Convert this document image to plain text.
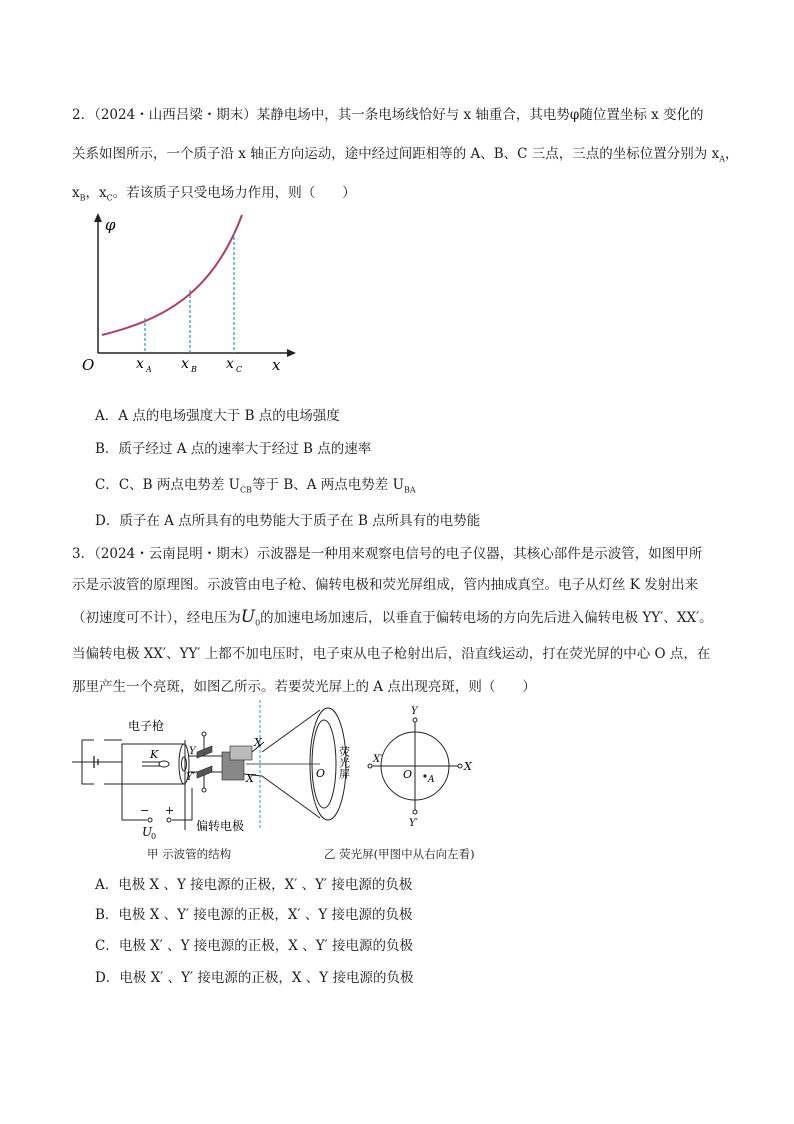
2．（2024・山西吕梁・期末）某静电场中，其一条电场线恰好与 x 轴重合，其电势φ随位置坐标 x 变化的
关系如图所示，一个质子沿 x 轴正方向运动，途中经过间距相等的 A、B、C 三点，三点的坐标位置分别为 $x_A$，
$x_B$，$x_C$。若该质子只受电场力作用，则（　　）
φ
O	x
x A x B x C
A．A 点的电场强度大于 B 点的电场强度
B．质子经过 A 点的速率大于经过 B 点的速率
C．C、B 两点电势差 $U_{CB}$等于 B、A 两点电势差 $U_{BA}$
D．质子在 A 点所具有的电势能大于质子在 B 点所具有的电势能
3．（2024・云南昆明・期末）示波器是一种用来观察电信号的电子仪器，其核心部件是示波管，如图甲所
示是示波管的原理图。示波管由电子枪、偏转电极和荧光屏组成，管内抽成真空。电子从灯丝 K 发射出来
（初速度可不计），经电压为$U_0$的加速电场加速后，以垂直于偏转电场的方向先后进入偏转电极 YY′、XX′。
当偏转电极 XX′、YY′ 上都不加电压时，电子束从电子枪射出后，沿直线运动，打在荧光屏的中心 O 点，在
那里产生一个亮斑，如图乙所示。若要荧光屏上的 A 点出现亮斑，则（　　）
电子枪
K	Y
Y′
X
X′
− +
U
0
偏转电极
O 荧光屏
Y
Y′
X′
X
O A
甲 示波管的结构	乙 荧光屏(甲图中从右向左看)
A．电极 X 、Y 接电源的正极，X′ 、Y′ 接电源的负极
B．电极 X 、Y′ 接电源的正极，X′ 、Y 接电源的负极
C．电极 X′ 、Y 接电源的正极，X 、Y′ 接电源的负极
D．电极 X′ 、Y′ 接电源的正极，X 、Y 接电源的负极
